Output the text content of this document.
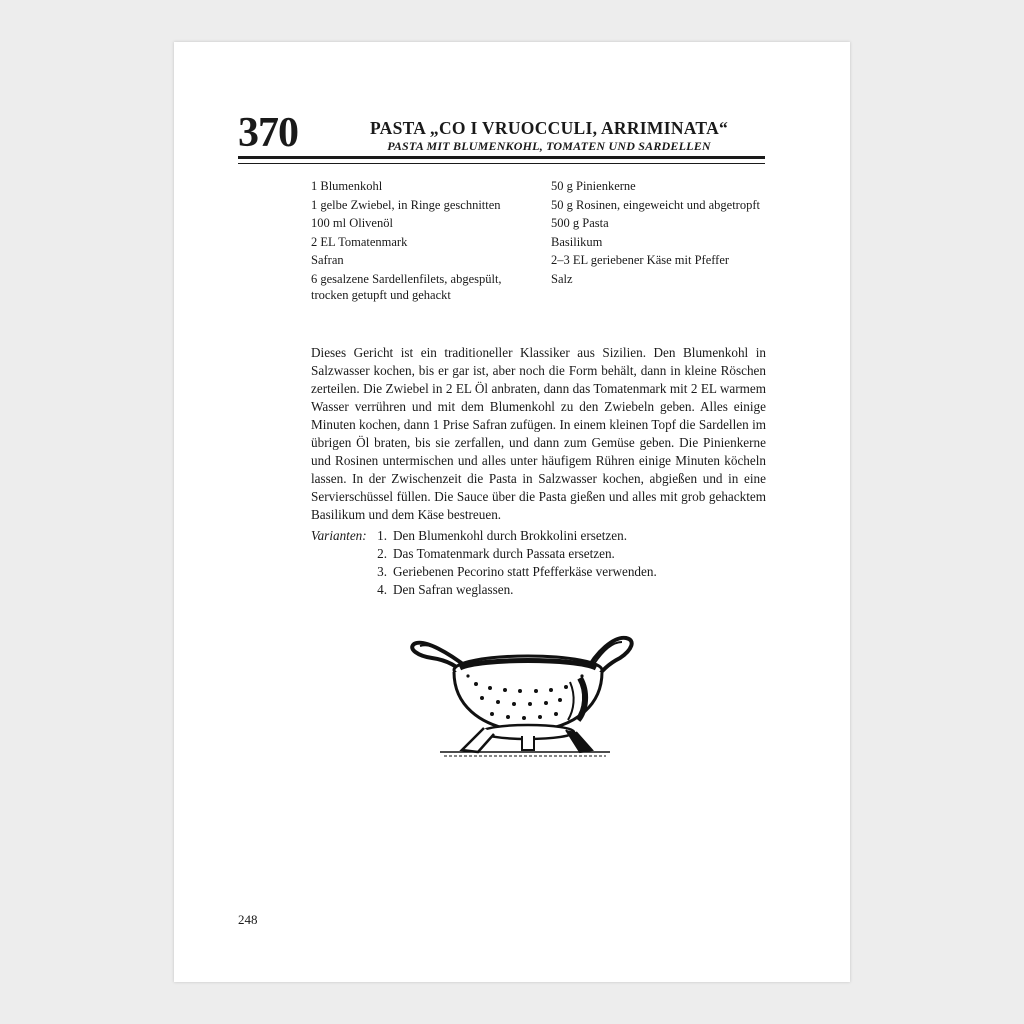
370	PASTA „CO I VRUOCCULI, ARRIMINATA“
PASTA MIT BLUMENKOHL, TOMATEN UND SARDELLEN
1 Blumenkohl
1 gelbe Zwiebel, in Ringe geschnitten
100 ml Olivenöl
2 EL Tomatenmark
Safran
6 gesalzene Sardellenfilets, abgespült, trocken getupft und gehackt
50 g Pinienkerne
50 g Rosinen, eingeweicht und abgetropft
500 g Pasta
Basilikum
2–3 EL geriebener Käse mit Pfeffer
Salz

Dieses Gericht ist ein traditioneller Klassiker aus Sizilien. Den Blumenkohl in Salzwasser kochen, bis er gar ist, aber noch die Form behält, dann in kleine Röschen zerteilen. Die Zwiebel in 2 EL Öl anbraten, dann das Tomatenmark mit 2 EL warmem Wasser verrühren und mit dem Blumenkohl zu den Zwiebeln geben. Alles einige Minuten kochen, dann 1 Prise Safran zufügen. In einem kleinen Topf die Sardellen im übrigen Öl braten, bis sie zerfallen, und dann zum Gemüse geben. Die Pinienkerne und Rosinen untermischen und alles unter häufigem Rühren einige Minuten köcheln lassen. In der Zwischenzeit die Pasta in Salzwasser kochen, abgießen und in eine Servierschüssel füllen. Die Sauce über die Pasta gießen und alles mit grob gehacktem Basilikum und dem Käse bestreuen.

Varianten: 1. Den Blumenkohl durch Brokkolini ersetzen.
2. Das Tomatenmark durch Passata ersetzen.
3. Geriebenen Pecorino statt Pfefferkäse verwenden.
4. Den Safran weglassen.
248
